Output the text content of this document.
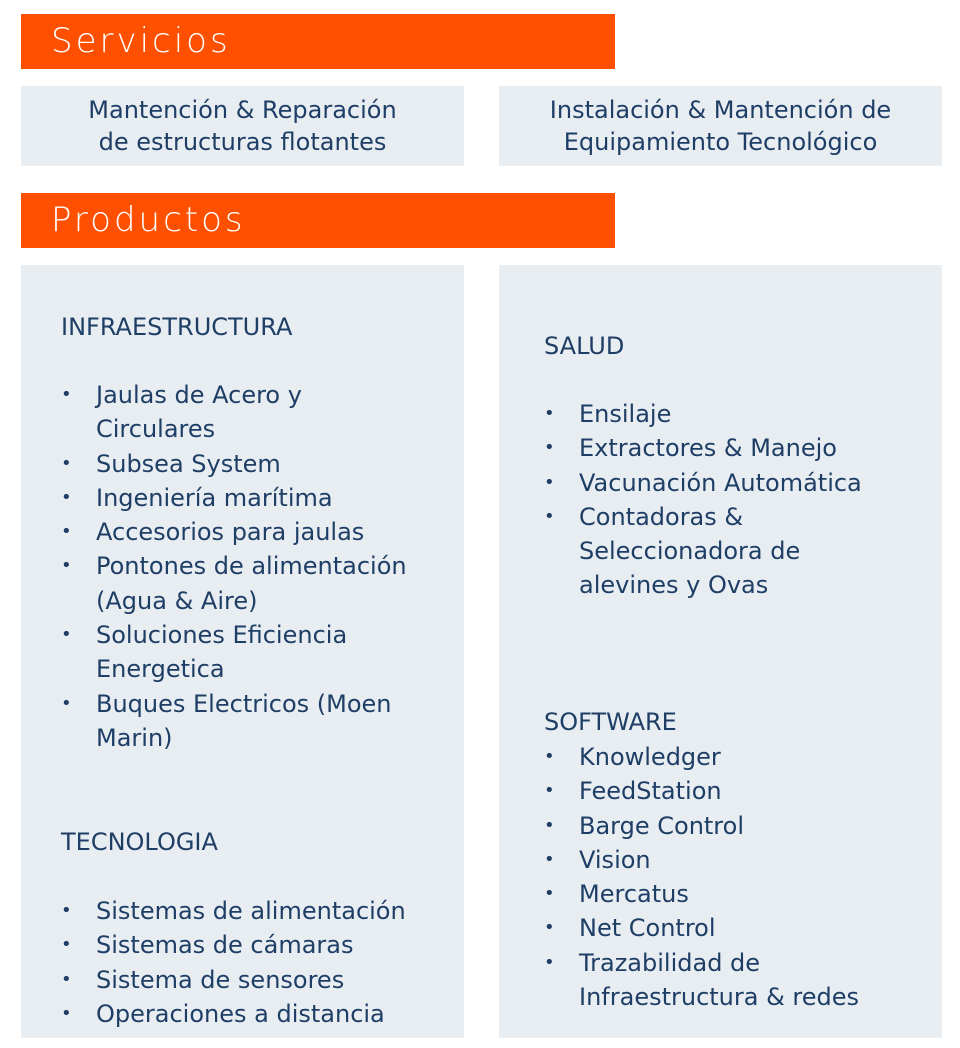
Servicios
Mantención & Reparación de estructuras flotantes
Instalación & Mantención de Equipamiento Tecnológico
Productos
INFRAESTRUCTURA
• Jaulas de Acero y Circulares
• Subsea System
• Ingeniería marítima
• Accesorios para jaulas
• Pontones de alimentación (Agua & Aire)
• Soluciones Eficiencia Energetica
• Buques Electricos (Moen Marin)
TECNOLOGIA
• Sistemas de alimentación
• Sistemas de cámaras
• Sistema de sensores
• Operaciones a distancia
SALUD
• Ensilaje
• Extractores & Manejo
• Vacunación Automática
• Contadoras & Seleccionadora de alevines y Ovas
SOFTWARE
• Knowledger
• FeedStation
• Barge Control
• Vision
• Mercatus
• Net Control
• Trazabilidad de Infraestructura & redes
